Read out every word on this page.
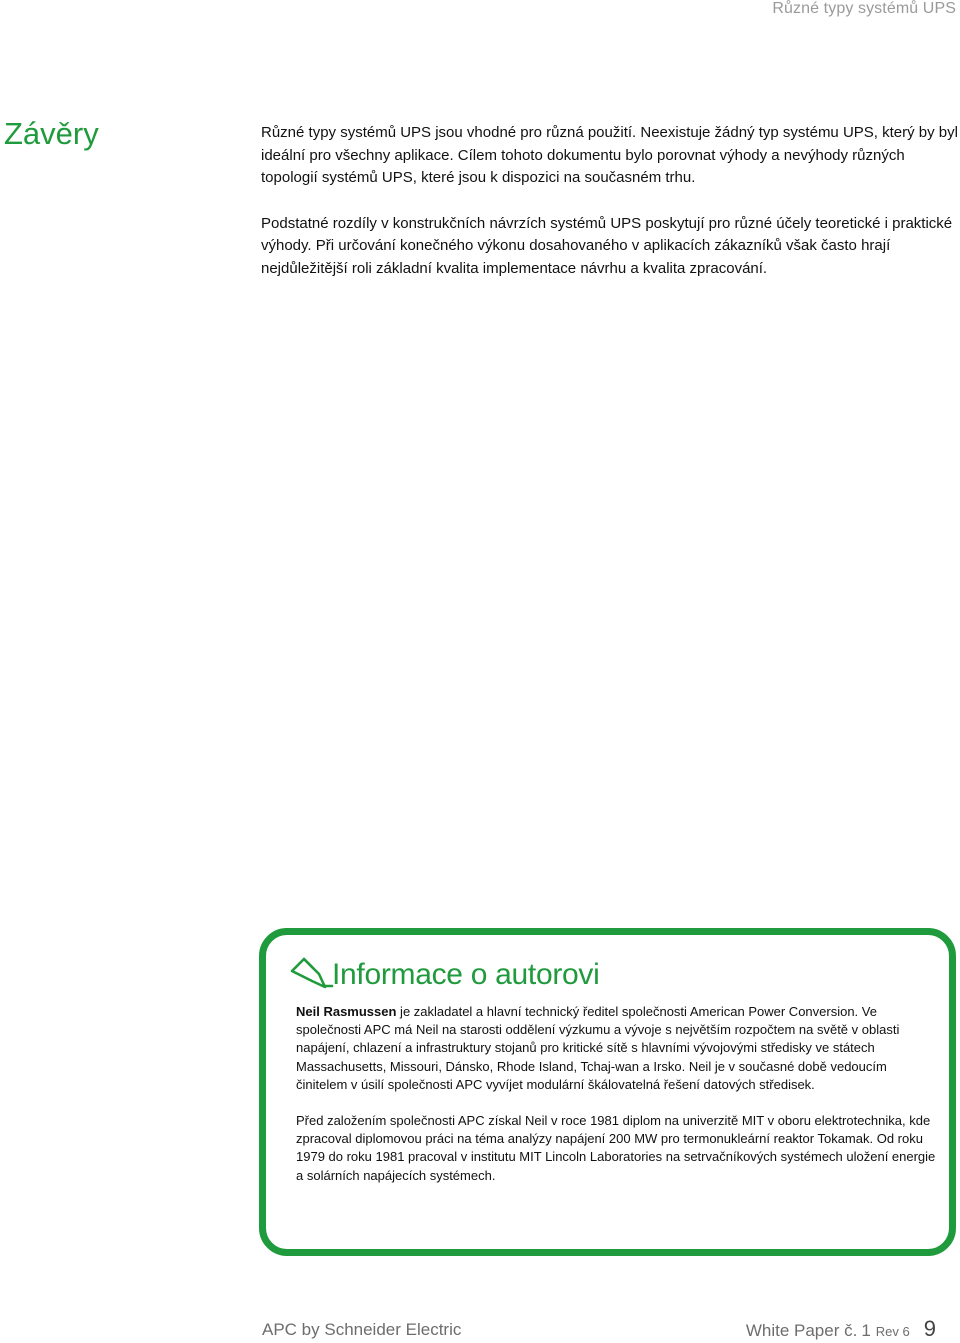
Různé typy systémů UPS
Závěry	Různé typy systémů UPS jsou vhodné pro různá použití. Neexistuje žádný typ systému UPS, který by byl ideální pro všechny aplikace. Cílem tohoto dokumentu bylo porovnat výhody a nevýhody různých topologií systémů UPS, které jsou k dispozici na současném trhu.

Podstatné rozdíly v konstrukčních návrzích systémů UPS poskytují pro různé účely teoretické i praktické výhody. Při určování konečného výkonu dosahovaného v aplikacích zákazníků však často hrají nejdůležitější roli základní kvalita implementace návrhu a kvalita zpracování.

Informace o autorovi

Neil Rasmussen je zakladatel a hlavní technický ředitel společnosti American Power Conversion. Ve společnosti APC má Neil na starosti oddělení výzkumu a vývoje s největším rozpočtem na světě v oblasti napájení, chlazení a infrastruktury stojanů pro kritické sítě s hlavními vývojovými středisky ve státech Massachusetts, Missouri, Dánsko, Rhode Island, Tchaj-wan a Irsko. Neil je v současné době vedoucím činitelem v úsilí společnosti APC vyvíjet modulární škálovatelná řešení datových středisek.

Před založením společnosti APC získal Neil v roce 1981 diplom na univerzitě MIT v oboru elektrotechnika, kde zpracoval diplomovou práci na téma analýzy napájení 200 MW pro termonukleární reaktor Tokamak. Od roku 1979 do roku 1981 pracoval v institutu MIT Lincoln Laboratories na setrvačníkových systémech uložení energie a solárních napájecích systémech.

APC by Schneider Electric	White Paper č. 1 Rev 6 9
